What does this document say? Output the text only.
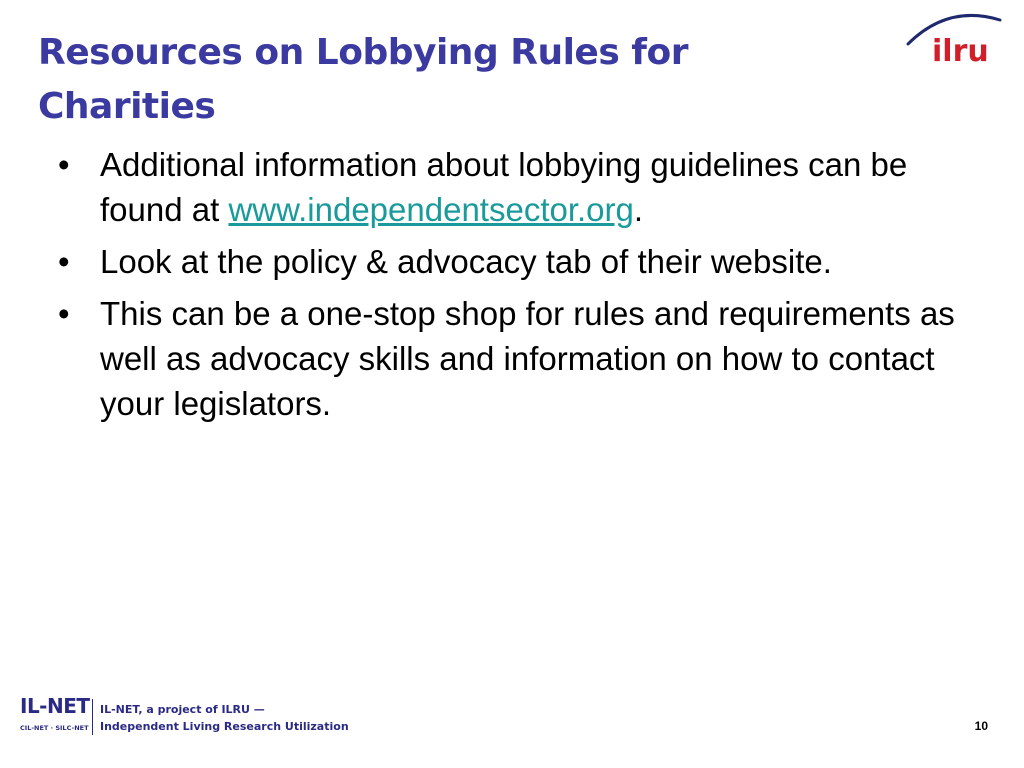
Resources on Lobbying Rules for Charities
ilru
• Additional information about lobbying guidelines can be found at www.independentsector.org.
• Look at the policy & advocacy tab of their website.
• This can be a one-stop shop for rules and requirements as well as advocacy skills and information on how to contact your legislators.
IL-NET
CIL-NET · SILC-NET
IL-NET, a project of ILRU —
Independent Living Research Utilization	10
